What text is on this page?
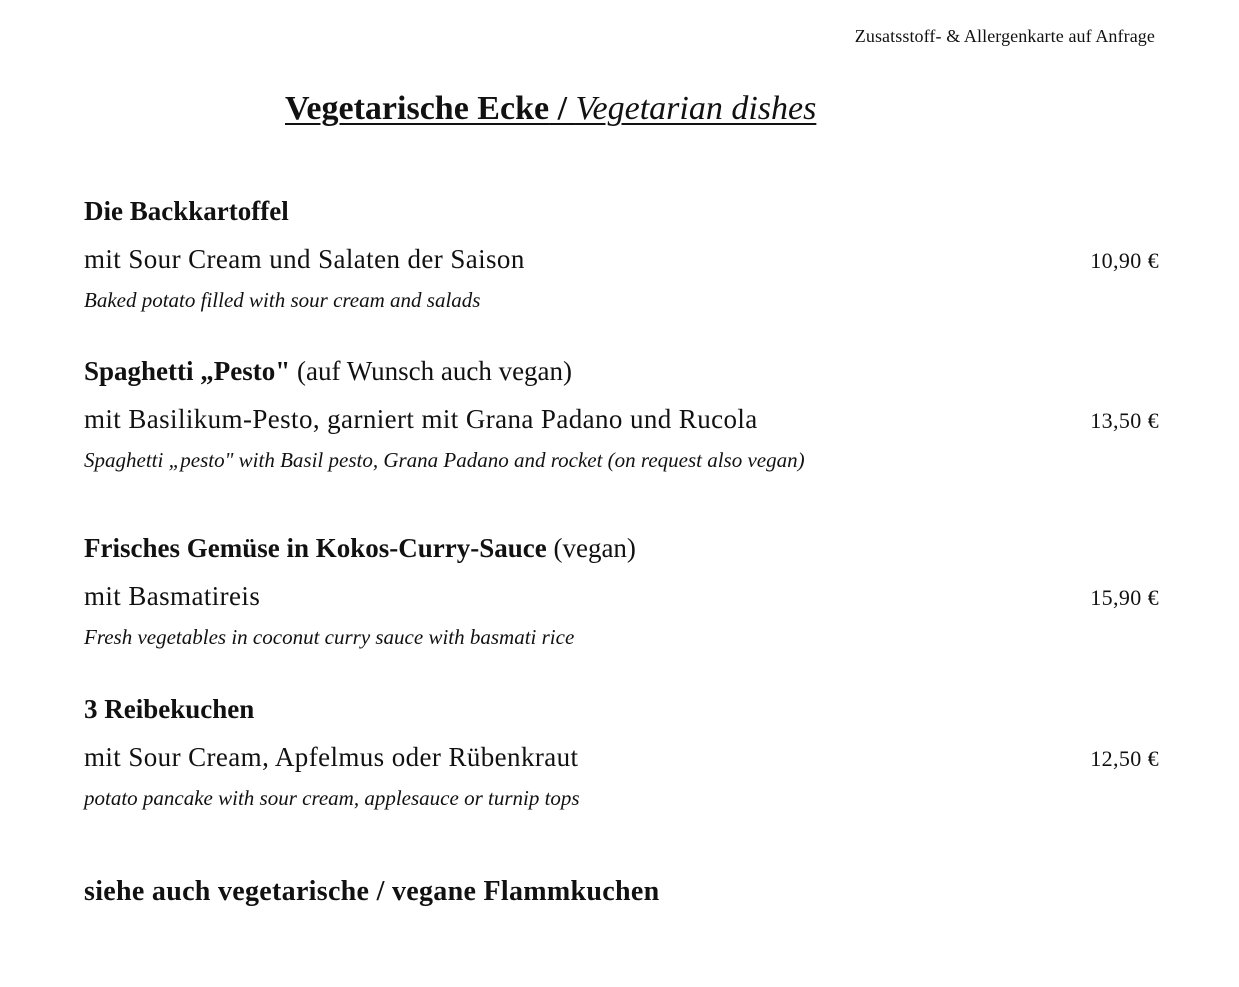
Zusatsstoff- & Allergenkarte auf Anfrage
Vegetarische Ecke / Vegetarian dishes
Die Backkartoffel
mit Sour Cream und Salaten der Saison	10,90 €
Baked potato filled with sour cream and salads
Spaghetti „Pesto" (auf Wunsch auch vegan)
mit Basilikum-Pesto, garniert mit Grana Padano und Rucola	13,50 €
Spaghetti „pesto" with Basil pesto, Grana Padano and rocket (on request also vegan)
Frisches Gemüse in Kokos-Curry-Sauce (vegan)
mit Basmatireis	15,90 €
Fresh vegetables in coconut curry sauce with basmati rice
3 Reibekuchen
mit Sour Cream, Apfelmus oder Rübenkraut	12,50 €
potato pancake with sour cream, applesauce or turnip tops
siehe auch vegetarische / vegane Flammkuchen
